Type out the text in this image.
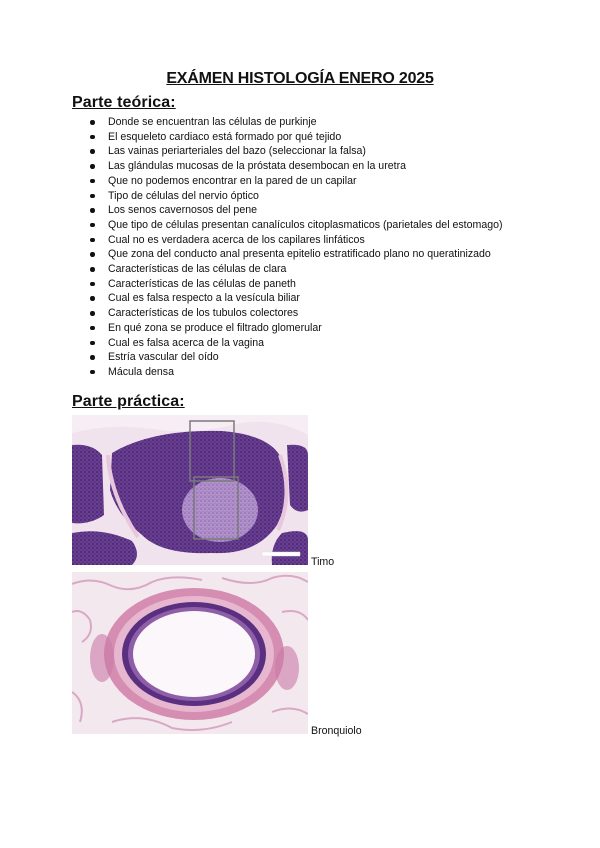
EXÁMEN HISTOLOGÍA ENERO 2025
Parte teórica:
Donde se encuentran las células de purkinje
El esqueleto cardiaco está formado por qué tejido
Las vainas periarteriales del bazo (seleccionar la falsa)
Las glándulas mucosas de la próstata desembocan en la uretra
Que no podemos encontrar en la pared de un capilar
Tipo de células del nervio óptico
Los senos cavernosos del pene
Que tipo de células presentan canalículos citoplasmaticos (parietales del estomago)
Cual no es verdadera acerca de los capilares linfáticos
Que zona del conducto anal presenta epitelio estratificado plano no queratinizado
Características de las células de clara
Características de las células de paneth
Cual es falsa respecto a la vesícula biliar
Características de los tubulos colectores
En qué zona se produce el filtrado glomerular
Cual es falsa acerca de la vagina
Estría vascular del oído
Mácula densa
Parte práctica:
Timo
Bronquiolo
